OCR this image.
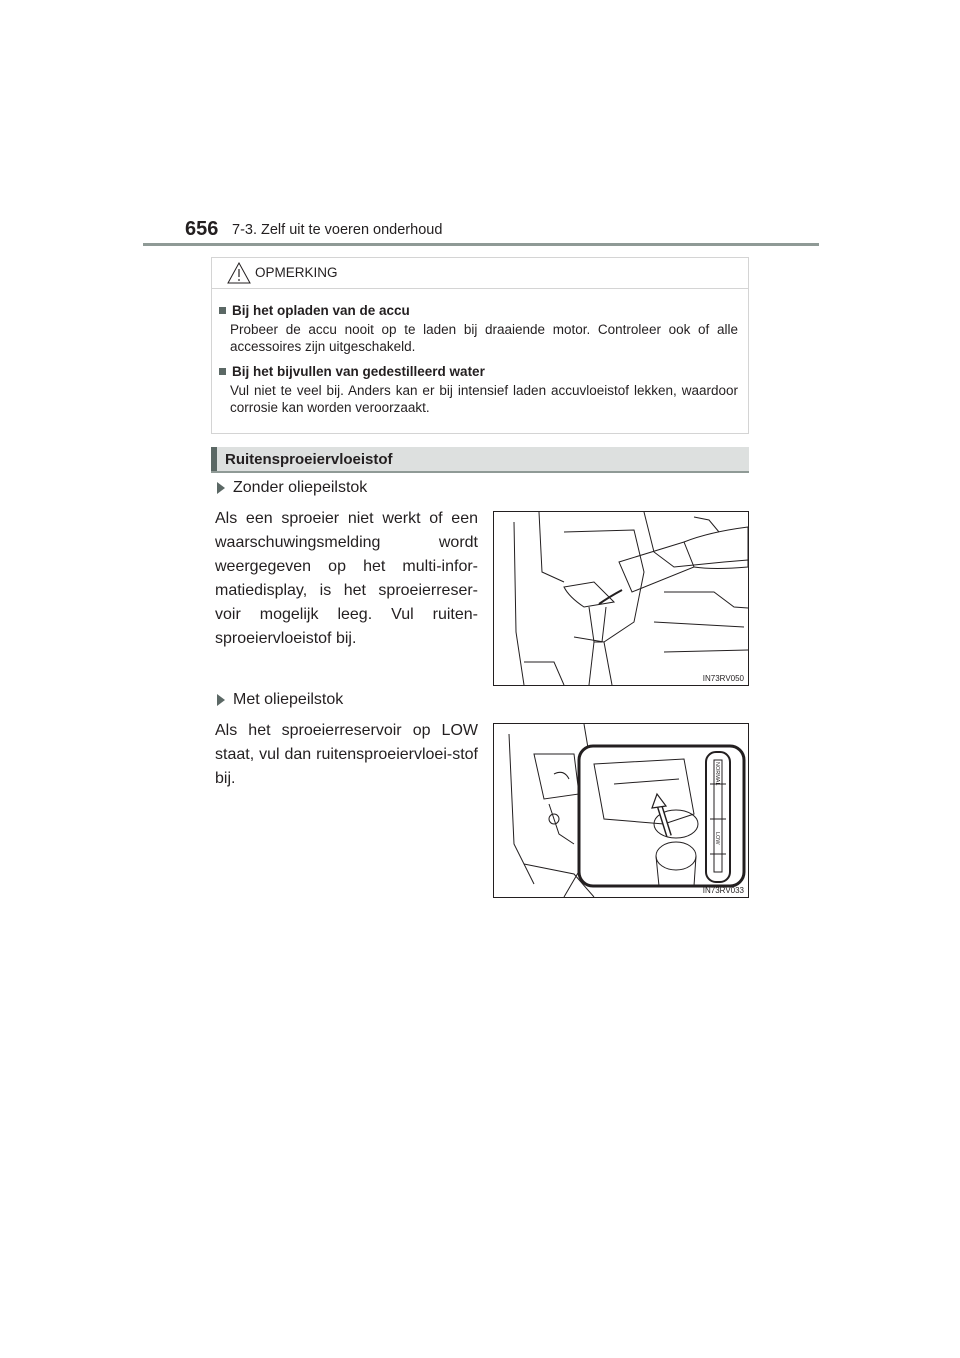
656 7-3. Zelf uit te voeren onderhoud
OPMERKING
Bij het opladen van de accu
Probeer de accu nooit op te laden bij draaiende motor. Controleer ook of alle accessoires zijn uitgeschakeld.
Bij het bijvullen van gedestilleerd water
Vul niet te veel bij. Anders kan er bij intensief laden accuvloeistof lekken, waardoor corrosie kan worden veroorzaakt.
Ruitensproeiervloeistof
Zonder oliepeilstok
Als een sproeier niet werkt of een waarschuwingsmelding wordt weergegeven op het multi-infor-matiedisplay, is het sproeierreser-voir mogelijk leeg. Vul ruiten-sproeiervloeistof bij.
IN73RV050
Met oliepeilstok
Als het sproeierreservoir op LOW staat, vul dan ruitensproeiervloei-stof bij.	NORMAL
LOW
IN73RV033
